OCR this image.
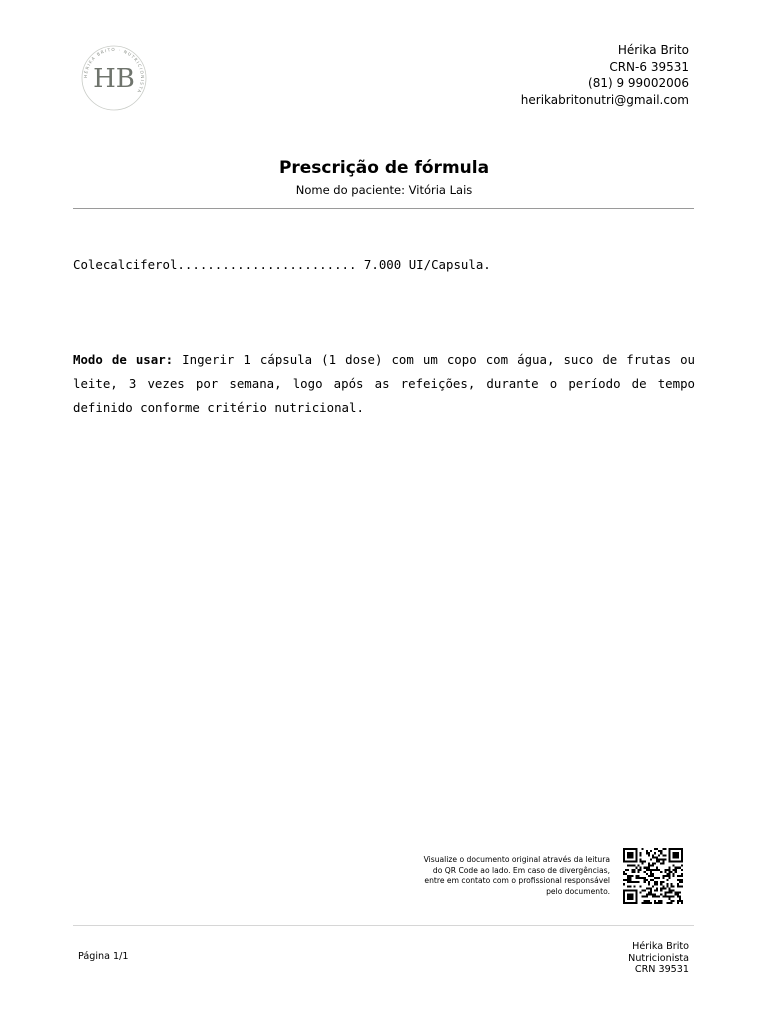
HÉRIKA BRITO · NUTRICIONISTA
HB
Hérika Brito
CRN-6 39531
(81) 9 99002006
herikabritonutri@gmail.com
Prescrição de fórmula
Nome do paciente: Vitória Lais
Colecalciferol........................ 7.000 UI/Capsula.
Modo de usar: Ingerir 1 cápsula (1 dose) com um copo com água, suco de frutas ou leite, 3 vezes por semana, logo após as refeições, durante o período de tempo definido conforme critério nutricional.
Visualize o documento original através da leitura do QR Code ao lado. Em caso de divergências, entre em contato com o profissional responsável pelo documento.
Página 1/1
Hérika Brito
Nutricionista
CRN 39531
